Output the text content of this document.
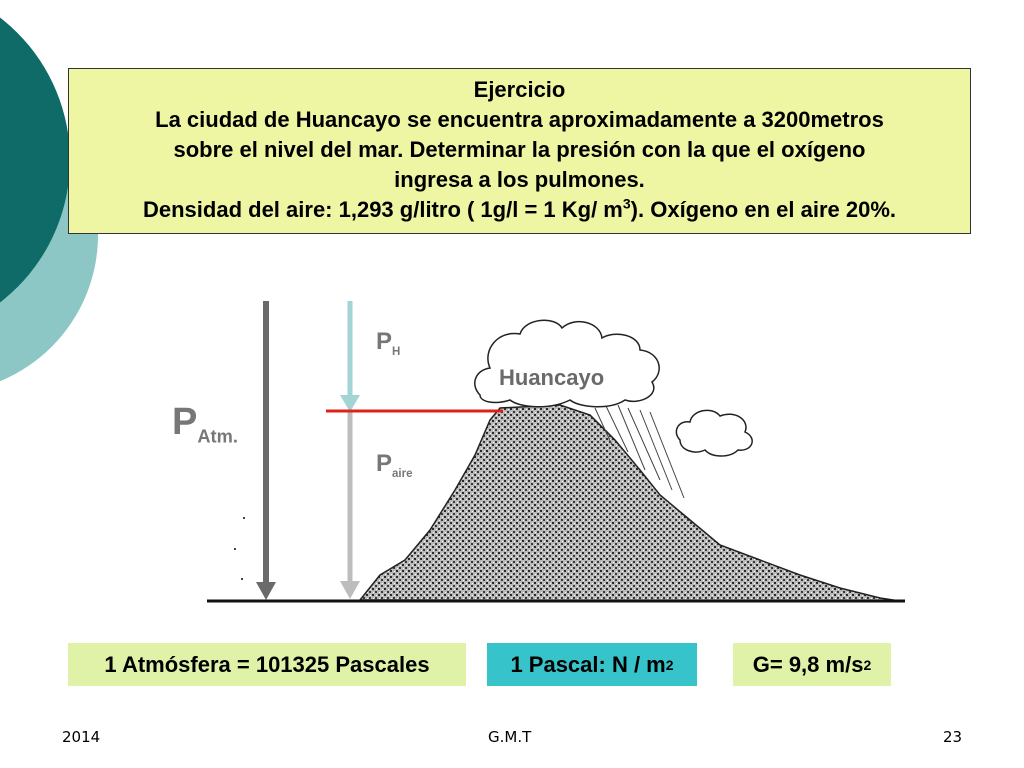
Ejercicio
La ciudad de Huancayo se encuentra aproximadamente a 3200metros
sobre el nivel del mar. Determinar la presión con la que el oxígeno
ingresa a los pulmones.
Densidad del aire: 1,293 g/litro ( 1g/l = 1 Kg/ $m^3$). Oxígeno en el aire 20%.
$P_{Atm.}$
$P_H$
$P_{aire}$
Huancayo
1 Atmósfera = 101325 Pascales	1 Pascal: N / m 2	G= 9,8 m/s 2
2014	G.M.T	23
